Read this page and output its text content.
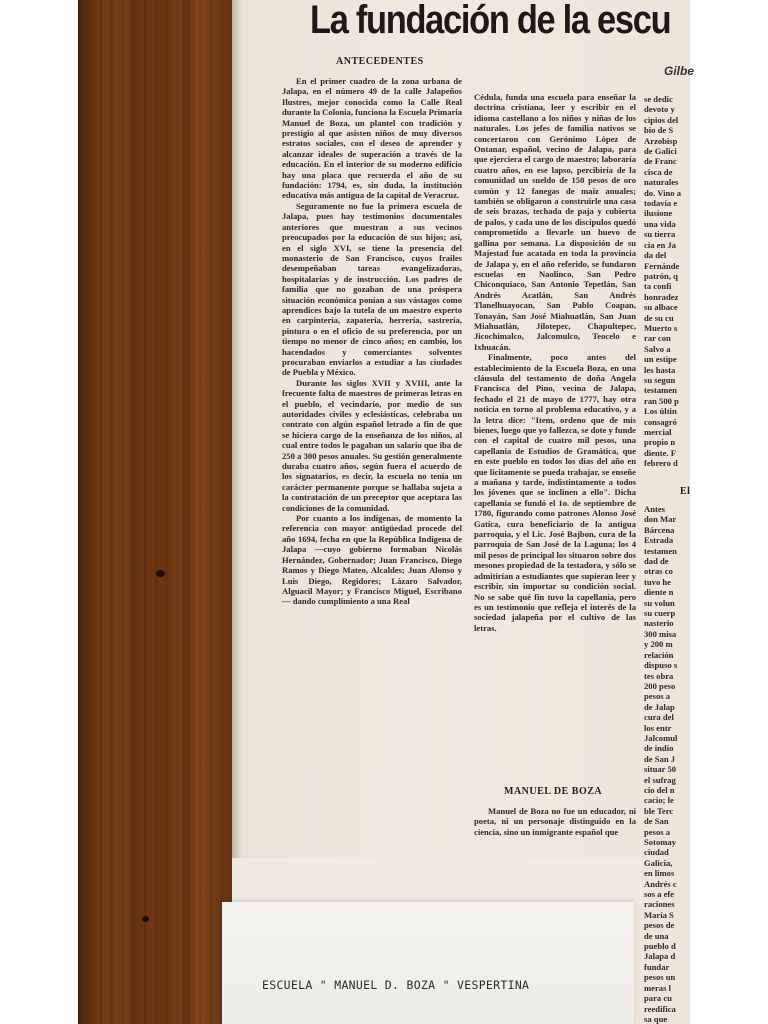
La fundación de la escu
Gilbe
ANTECEDENTES

En el primer cuadro de la zona urbana de Jalapa, en el número 49 de la calle Jalapeños Ilustres, mejor conocida como la Calle Real durante la Colonia, funciona la Escuela Primaria Manuel de Boza, un plantel con tradición y prestigio al que asisten niños de muy diversos estratos sociales, con el deseo de aprender y alcanzar ideales de superación a través de la educación. En el interior de su moderno edificio hay una placa que recuerda el año de su fundación: 1794, es, sin duda, la institución educativa más antigua de la capital de Veracruz.

Seguramente no fue la primera escuela de Jalapa, pues hay testimonios documentales anteriores que muestran a sus vecinos preocupados por la educación de sus hijos; así, en el siglo XVI, se tiene la presencia del monasterio de San Francisco, cuyos frailes desempeñaban tareas evangelizadoras, hospitalarias y de instrucción. Los padres de familia que no gozaban de una próspera situación económica ponían a sus vástagos como aprendices bajo la tutela de un maestro experto en carpintería, zapatería, herrería, sastrería, pintura o en el oficio de su preferencia, por un tiempo no menor de cinco años; en cambio, los hacendados y comerciantes solventes procuraban enviarlos a estudiar a las ciudades de Puebla y México.

Durante los siglos XVII y XVIII, ante la frecuente falta de maestros de primeras letras en el pueblo, el vecindario, por medio de sus autoridades civiles y eclesiásticas, celebraba un contrato con algún español letrado a fin de que se hiciera cargo de la enseñanza de los niños, al cual entre todos le pagaban un salario que iba de 250 a 300 pesos anuales. Su gestión generalmente duraba cuatro años, según fuera el acuerdo de los signatarios, es decir, la escuela no tenía un carácter permanente porque se hallaba sujeta a la contratación de un preceptor que aceptara las condiciones de la comunidad.

Por cuanto a los indígenas, de momento la referencia con mayor antigüedad procede del año 1694, fecha en que la República Indígena de Jalapa —cuyo gobierno formaban Nicolás Hernández, Gobernador; Juan Francisco, Diego Ramos y Diego Mateo, Alcaldes; Juan Alonso y Luis Diego, Regidores; Lázaro Salvador, Alguacil Mayor; y Francisco Miguel, Escribano— dando cumplimiento a una Real

Cédula, funda una escuela para enseñar la doctrina cristiana, leer y escribir en el idioma castellano a los niños y niñas de los naturales. Los jefes de familia nativos se concertaron con Gerónimo López de Ontanar, español, vecino de Jalapa, para que ejerciera el cargo de maestro; laboraría cuatro años, en ese lapso, percibiría de la comunidad un sueldo de 150 pesos de oro común y 12 fanegas de maíz anuales; también se obligaron a construirle una casa de seis brazas, techada de paja y cubierta de palos, y cada uno de los discípulos quedó comprometido a llevarle un huevo de gallina por semana. La disposición de su Majestad fue acatada en toda la provincia de Jalapa y, en el año referido, se fundaron escuelas en Naolinco, San Pedro Chiconquiaco, San Antonio Tepetlán, San Andrés Acatlán, San Andrés Tlanelhuayocan, San Pablo Coapan, Tonayán, San José Miahuatlán, San Juan Miahuatlán, Jilotepec, Chapultepec, Jicochimalco, Jalcomulco, Teocelo e Ixhuacán.

Finalmente, poco antes del establecimiento de la Escuela Boza, en una cláusula del testamento de doña Angela Francisca del Pino, vecina de Jalapa, fechado el 21 de mayo de 1777, hay otra noticia en torno al problema educativo, y a la letra dice: "Item, ordeno que de mis bienes, luego que yo fallezca, se dote y funde con el capital de cuatro mil pesos, una capellanía de Estudios de Gramática, que en este pueblo en todos los días del año en que lícitamente se pueda trabajar, se enseñe a mañana y tarde, indistintamente a todos los jóvenes que se inclinen a ello". Dicha capellanía se fundó el 1o. de septiembre de 1780, figurando como patrones Alonso José Gatica, cura beneficiario de la antigua parroquia, y el Lic. José Bajbon, cura de la parroquia de San José de la Laguna; los 4 mil pesos de principal los situaron sobre dos mesones propiedad de la testadora, y sólo se admitirían a estudiantes que supieran leer y escribir, sin importar su condición social. No se sabe qué fin tuvo la capellanía, pero es un testimonio que refleja el interés de la sociedad jalapeña por el cultivo de las letras.

MANUEL DE BOZA

Manuel de Boza no fue un educador, ni poeta, ni un personaje distinguido en la ciencia, sino un inmigrante español que

se dedic

devoto y

cipios del

bio de S

Arzobisp

de Galici

de Franc

cisca de

naturales

do. Vino a

todavía e

ilusione

una vida

su tierra

cia en Ja

da del

Fernánde

patrón, q

ta confi

honradez

su albace

de su cu

Muerto s

rar con

Salvo a

un estipe

les hasta

su segun

testamen

ran 500 p

Los últin

consagró

mercial

propio n

diente. F

febrero d

El

Antes

don Mar

Bárcena

Estrada

testamen

dad de

otras co

tuvo he

diente n

su volun

su cuerp

nasterio

300 misa

y 200 m

relación

dispuso s

tes obra

200 peso

pesos a

de Jalap

cura del

los entr

Jalcomul

de indio

de San J

situar 50

el sufrag

cio del n

cacio; le

ble Terc

de San

pesos a

Sotomay

ciudad

Galicia,

en limos

Andrés c

sos a efe

raciones

María S

pesos de

de una

pueblo d

Jalapa d

fundar

pesos un

meras l

para cu

reedifica

sa que

ESCUELA " MANUEL D. BOZA " VESPERTINA
